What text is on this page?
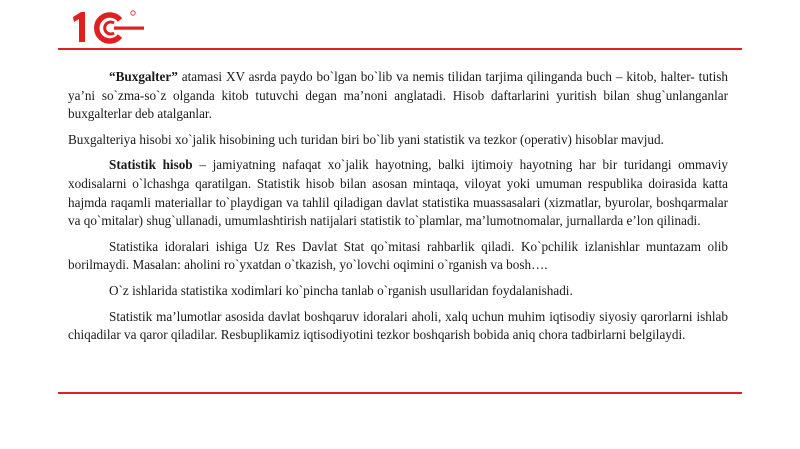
“Buxgalter” atamasi XV asrda paydo bo`lgan bo`lib va nemis tilidan tarjima qilinganda buch – kitob, halter- tutish ya’ni so`zma-so`z olganda kitob tutuvchi degan ma’noni anglatadi. Hisob daftarlarini yuritish bilan shug`unlanganlar buxgalterlar deb atalganlar.

Buxgalteriya hisobi xo`jalik hisobining uch turidan biri bo`lib yani statistik va tezkor (operativ) hisoblar mavjud.

Statistik hisob – jamiyatning nafaqat xo`jalik hayotning, balki ijtimoiy hayotning har bir turidangi ommaviy xodisalarni o`lchashga qaratilgan. Statistik hisob bilan asosan mintaqa, viloyat yoki umuman respublika doirasida katta hajmda raqamli materiallar to`playdigan va tahlil qiladigan davlat statistika muassasalari (xizmatlar, byurolar, boshqarmalar va qo`mitalar) shug`ullanadi, umumlashtirish natijalari statistik to`plamlar, ma’lumotnomalar, jurnallarda e’lon qilinadi.

Statistika idoralari ishiga Uz Res Davlat Stat qo`mitasi rahbarlik qiladi. Ko`pchilik izlanishlar muntazam olib borilmaydi. Masalan: aholini ro`yxatdan o`tkazish, yo`lovchi oqimini o`rganish va bosh….

O`z ishlarida statistika xodimlari ko`pincha tanlab o`rganish usullaridan foydalanishadi.

Statistik ma’lumotlar asosida davlat boshqaruv idoralari aholi, xalq uchun muhim iqtisodiy siyosiy qarorlarni ishlab chiqadilar va qaror qiladilar. Resbuplikamiz iqtisodiyotini tezkor boshqarish bobida aniq chora tadbirlarni belgilaydi.
